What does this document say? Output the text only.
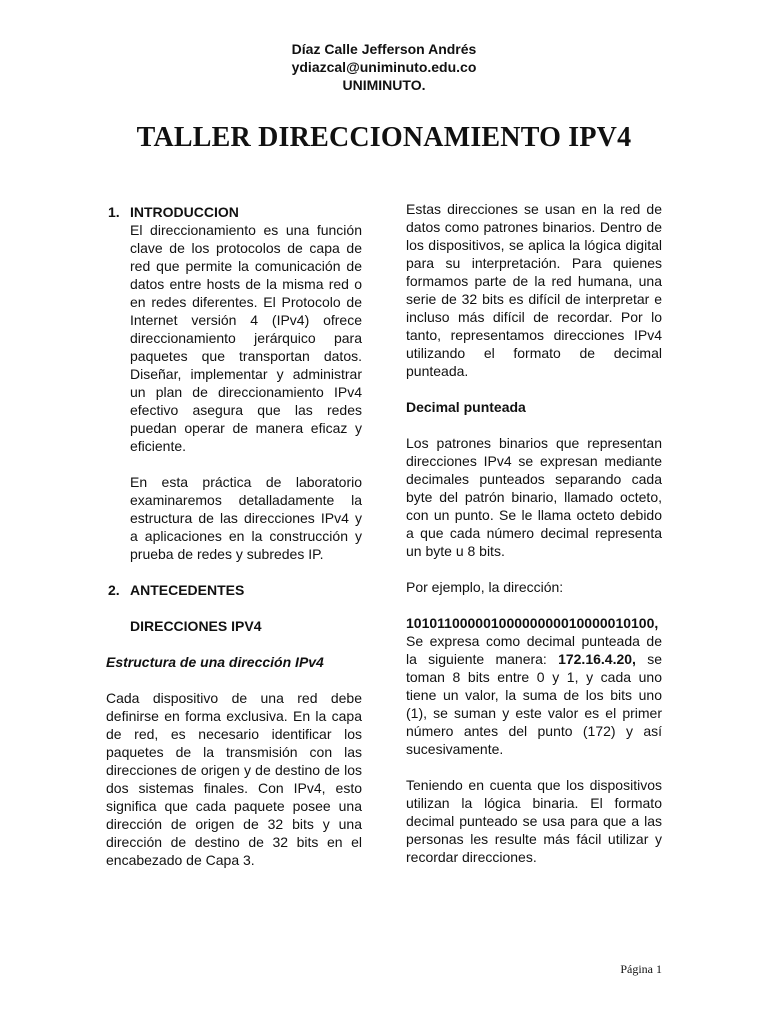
Díaz Calle Jefferson Andrés
ydiazcal@uniminuto.edu.co
UNIMINUTO.
TALLER DIRECCIONAMIENTO IPV4

1. INTRODUCCION

El direccionamiento es una función clave de los protocolos de capa de red que permite la comunicación de datos entre hosts de la misma red o en redes diferentes. El Protocolo de Internet versión 4 (IPv4) ofrece direccionamiento jerárquico para paquetes que transportan datos. Diseñar, implementar y administrar un plan de direccionamiento IPv4 efectivo asegura que las redes puedan operar de manera eficaz y eficiente.

En esta práctica de laboratorio examinaremos detalladamente la estructura de las direcciones IPv4 y a aplicaciones en la construcción y prueba de redes y subredes IP.

2. ANTECEDENTES

DIRECCIONES IPV4

Estructura de una dirección IPv4

Cada dispositivo de una red debe definirse en forma exclusiva. En la capa de red, es necesario identificar los paquetes de la transmisión con las direcciones de origen y de destino de los dos sistemas finales. Con IPv4, esto significa que cada paquete posee una dirección de origen de 32 bits y una dirección de destino de 32 bits en el encabezado de Capa 3.

Estas direcciones se usan en la red de datos como patrones binarios. Dentro de los dispositivos, se aplica la lógica digital para su interpretación. Para quienes formamos parte de la red humana, una serie de 32 bits es difícil de interpretar e incluso más difícil de recordar. Por lo tanto, representamos direcciones IPv4 utilizando el formato de decimal punteada.

Decimal punteada

Los patrones binarios que representan direcciones IPv4 se expresan mediante decimales punteados separando cada byte del patrón binario, llamado octeto, con un punto. Se le llama octeto debido a que cada número decimal representa un byte u 8 bits.

Por ejemplo, la dirección:

10101100000100000000010000010100, Se expresa como decimal punteada de la siguiente manera: 172.16.4.20, se toman 8 bits entre 0 y 1, y cada uno tiene un valor, la suma de los bits uno (1), se suman y este valor es el primer número antes del punto (172) y así sucesivamente.

Teniendo en cuenta que los dispositivos utilizan la lógica binaria. El formato decimal punteado se usa para que a las personas les resulte más fácil utilizar y recordar direcciones.

Página 1
